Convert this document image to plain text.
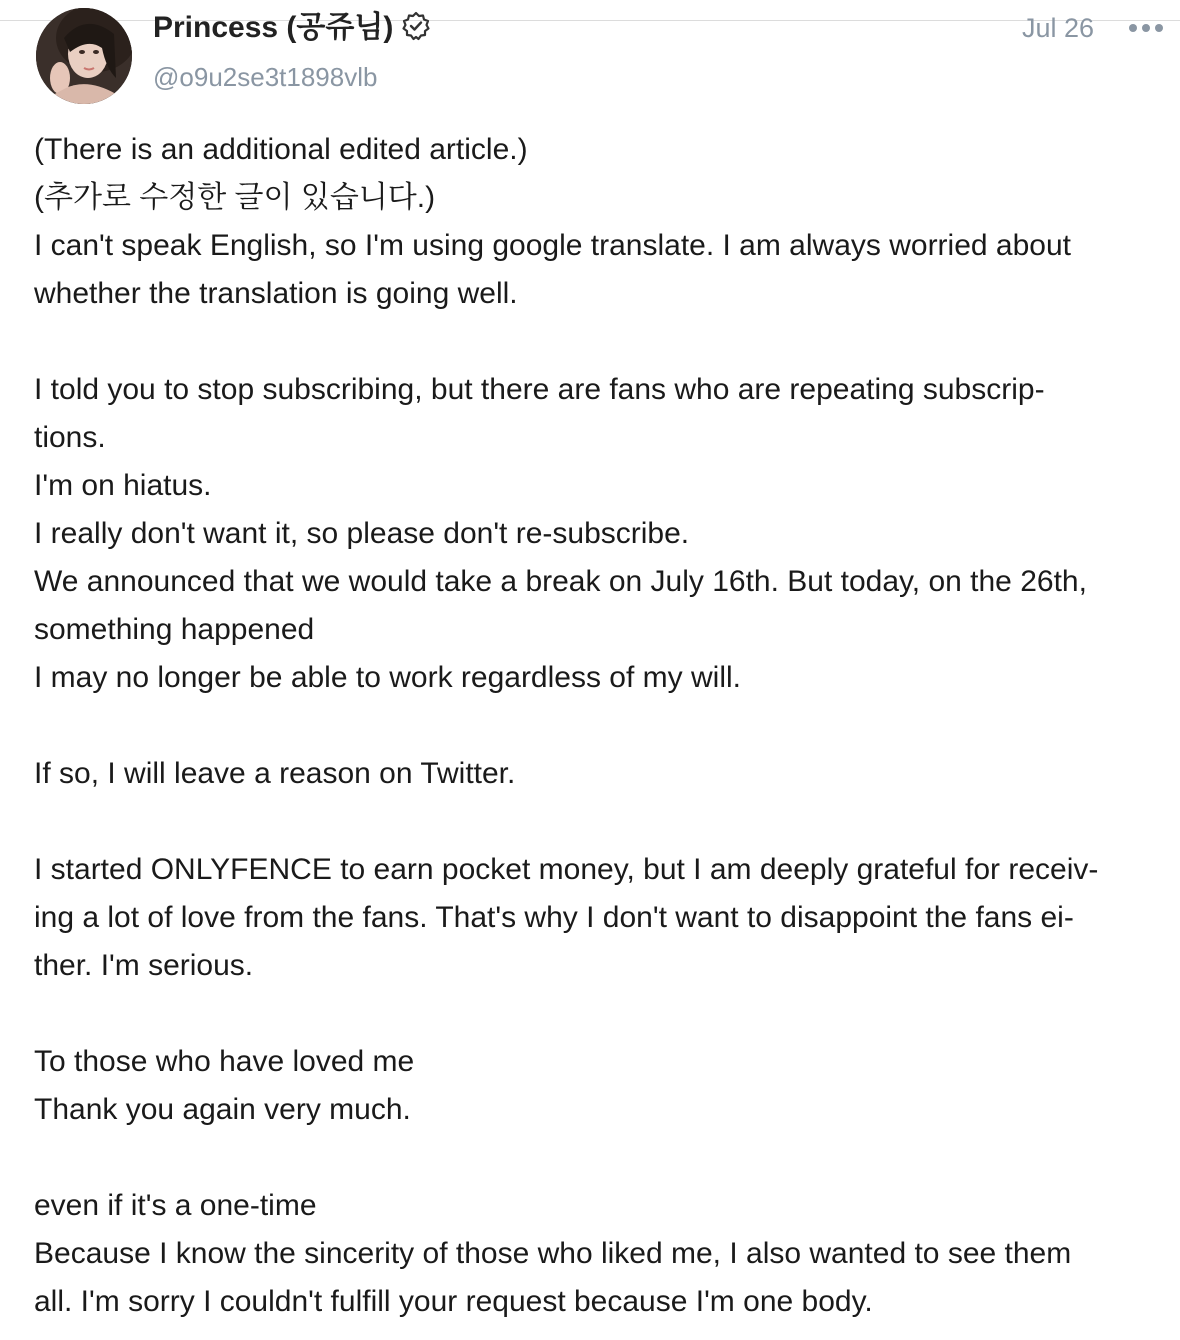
Princess (공쥬님)
@o9u2se3t1898vlb
Jul 26
(There is an additional edited article.)
(추가로 수정한 글이 있습니다.)
I can't speak English, so I'm using google translate. I am always worried about
whether the translation is going well.
I told you to stop subscribing, but there are fans who are repeating subscrip-
tions.
I'm on hiatus.
I really don't want it, so please don't re-subscribe.
We announced that we would take a break on July 16th. But today, on the 26th,
something happened
I may no longer be able to work regardless of my will.
If so, I will leave a reason on Twitter.
I started ONLYFENCE to earn pocket money, but I am deeply grateful for receiv-
ing a lot of love from the fans. That's why I don't want to disappoint the fans ei-
ther. I'm serious.
To those who have loved me
Thank you again very much.
even if it's a one-time
Because I know the sincerity of those who liked me, I also wanted to see them
all. I'm sorry I couldn't fulfill your request because I'm one body.
